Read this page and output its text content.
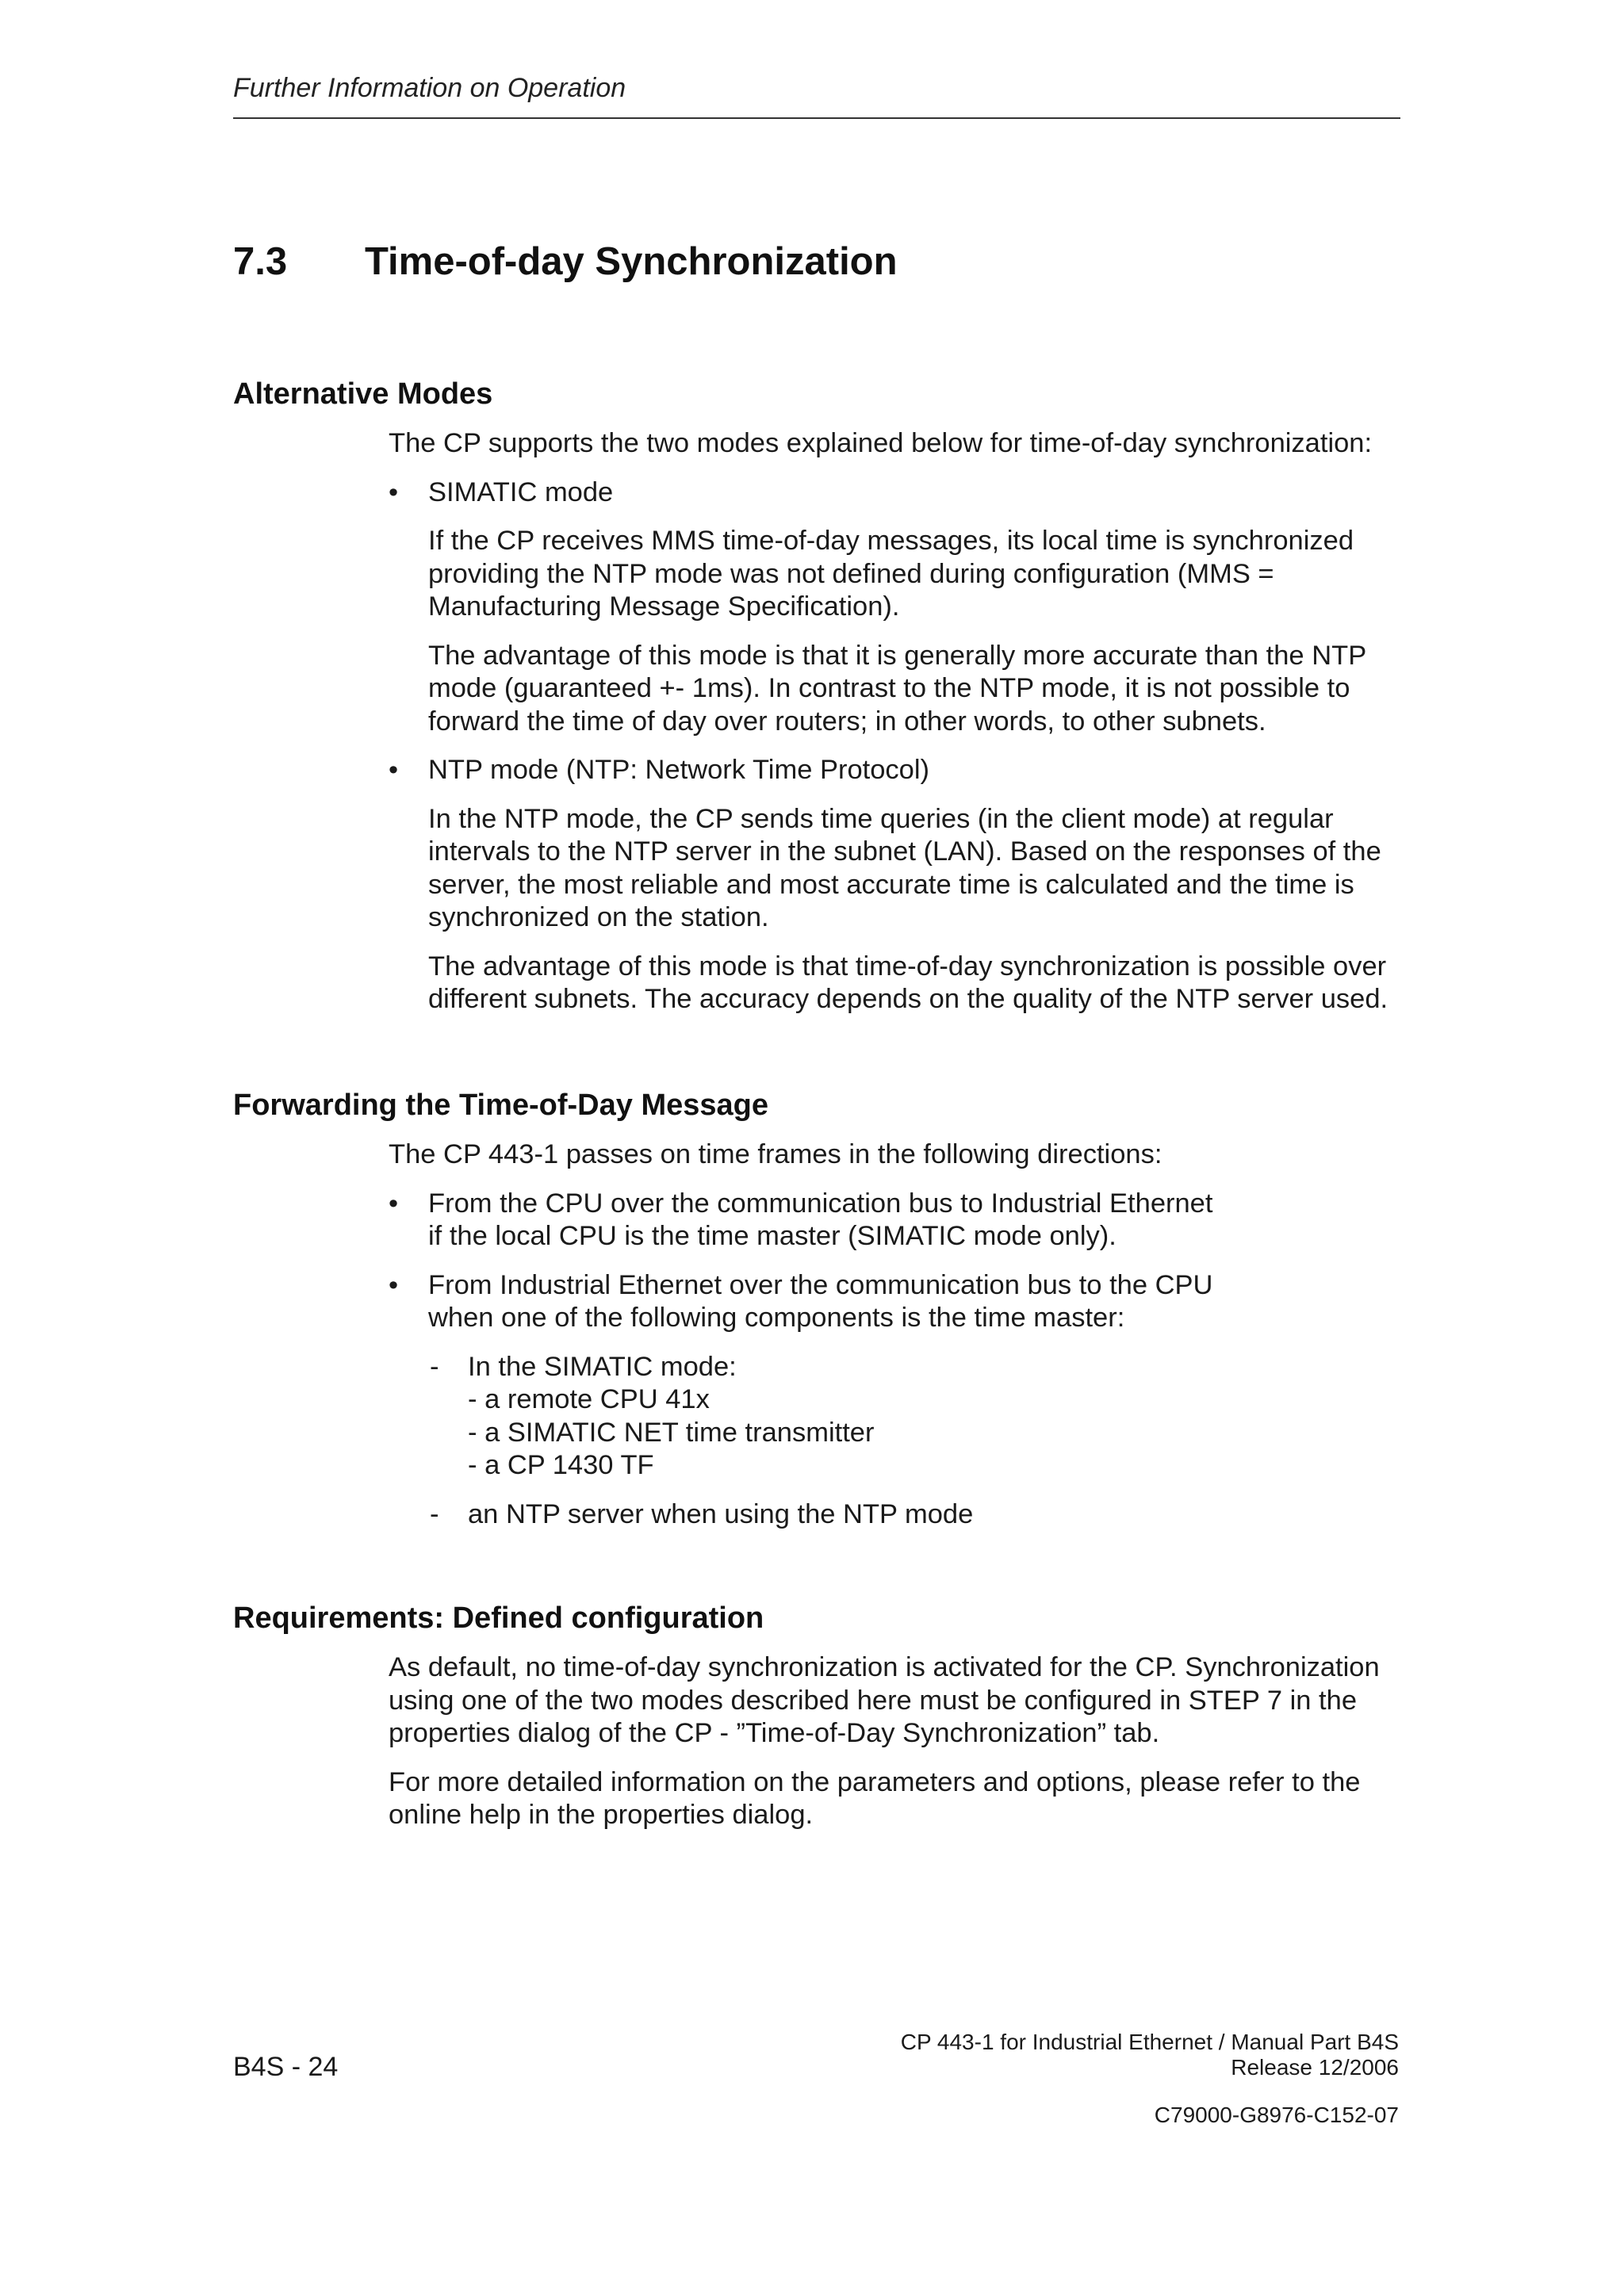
Further Information on Operation
7.3 Time-of-day Synchronization
Alternative Modes

The CP supports the two modes explained below for time-of-day synchronization:

• SIMATIC mode
If the CP receives MMS time-of-day messages, its local time is synchronized
providing the NTP mode was not defined during configuration (MMS =
Manufacturing Message Specification).
The advantage of this mode is that it is generally more accurate than the NTP
mode (guaranteed +- 1ms). In contrast to the NTP mode, it is not possible to
forward the time of day over routers; in other words, to other subnets.
• NTP mode (NTP: Network Time Protocol)
In the NTP mode, the CP sends time queries (in the client mode) at regular
intervals to the NTP server in the subnet (LAN). Based on the responses of the
server, the most reliable and most accurate time is calculated and the time is
synchronized on the station.
The advantage of this mode is that time-of-day synchronization is possible over
different subnets. The accuracy depends on the quality of the NTP server used.
Forwarding the Time-of-Day Message

The CP 443-1 passes on time frames in the following directions:

• From the CPU over the communication bus to Industrial Ethernet
if the local CPU is the time master (SIMATIC mode only).
• From Industrial Ethernet over the communication bus to the CPU
when one of the following components is the time master:
- In the SIMATIC mode:
- a remote CPU 41x
- a SIMATIC NET time transmitter
- a CP 1430 TF
- an NTP server when using the NTP mode
Requirements: Defined configuration
As default, no time-of-day synchronization is activated for the CP. Synchronization
using one of the two modes described here must be configured in STEP 7 in the
properties dialog of the CP - ”Time-of-Day Synchronization” tab.
For more detailed information on the parameters and options, please refer to the
online help in the properties dialog.
B4S - 24
CP 443-1 for Industrial Ethernet / Manual Part B4S
Release 12/2006
C79000-G8976-C152-07
